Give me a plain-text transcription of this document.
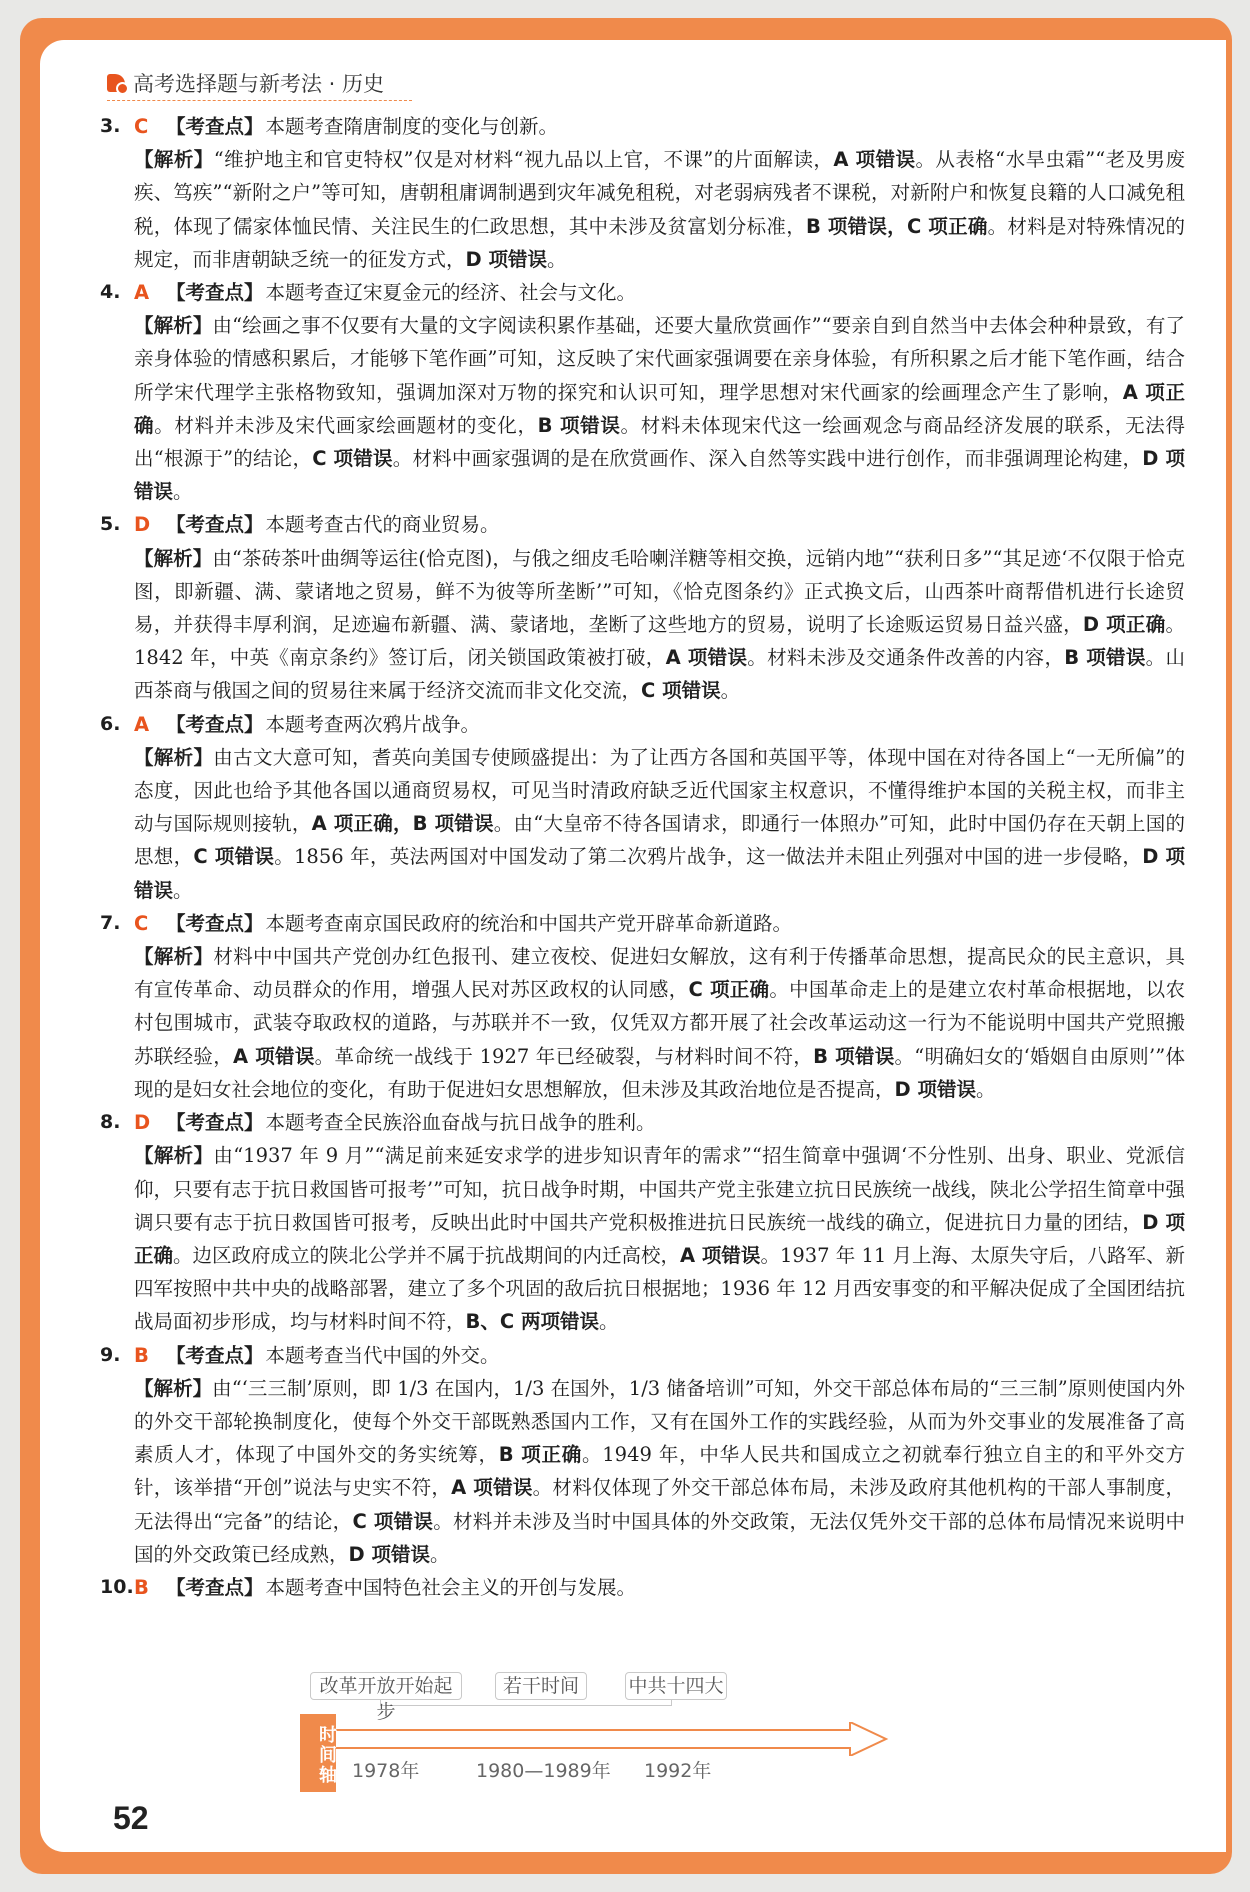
高考选择题与新考法 · 历史
3. C 【考查点】 本题考查隋唐制度的变化与创新。
【解析】“维护地主和官吏特权”仅是对材料“视九品以上官，不课”的片面解读，A 项错误。从表格“水旱虫霜”“老及男废疾、笃疾”“新附之户”等可知，唐朝租庸调制遇到灾年减免租税，对老弱病残者不课税，对新附户和恢复良籍的人口减免租税，体现了儒家体恤民情、关注民生的仁政思想，其中未涉及贫富划分标准，B 项错误，C 项正确。材料是对特殊情况的规定，而非唐朝缺乏统一的征发方式，D 项错误。
4. A 【考查点】 本题考查辽宋夏金元的经济、社会与文化。
【解析】由“绘画之事不仅要有大量的文字阅读积累作基础，还要大量欣赏画作”“要亲自到自然当中去体会种种景致，有了亲身体验的情感积累后，才能够下笔作画”可知，这反映了宋代画家强调要在亲身体验，有所积累之后才能下笔作画，结合所学宋代理学主张格物致知，强调加深对万物的探究和认识可知，理学思想对宋代画家的绘画理念产生了影响，A 项正确。材料并未涉及宋代画家绘画题材的变化，B 项错误。材料未体现宋代这一绘画观念与商品经济发展的联系，无法得出“根源于”的结论，C 项错误。材料中画家强调的是在欣赏画作、深入自然等实践中进行创作，而非强调理论构建，D 项错误。
5. D 【考查点】 本题考查古代的商业贸易。
【解析】由“茶砖茶叶曲绸等运往(恰克图)，与俄之细皮毛哈喇洋糖等相交换，远销内地”“获利日多”“其足迹‘不仅限于恰克图，即新疆、满、蒙诸地之贸易，鲜不为彼等所垄断’”可知，《恰克图条约》正式换文后，山西茶叶商帮借机进行长途贸易，并获得丰厚利润，足迹遍布新疆、满、蒙诸地，垄断了这些地方的贸易，说明了长途贩运贸易日益兴盛，D 项正确。1842 年，中英《南京条约》签订后，闭关锁国政策被打破，A 项错误。材料未涉及交通条件改善的内容，B 项错误。山西茶商与俄国之间的贸易往来属于经济交流而非文化交流，C 项错误。
6. A 【考查点】 本题考查两次鸦片战争。
【解析】由古文大意可知，耆英向美国专使顾盛提出：为了让西方各国和英国平等，体现中国在对待各国上“一无所偏”的态度，因此也给予其他各国以通商贸易权，可见当时清政府缺乏近代国家主权意识，不懂得维护本国的关税主权，而非主动与国际规则接轨，A 项正确，B 项错误。由“大皇帝不待各国请求，即通行一体照办”可知，此时中国仍存在天朝上国的思想，C 项错误。1856 年，英法两国对中国发动了第二次鸦片战争，这一做法并未阻止列强对中国的进一步侵略，D 项错误。
7. C 【考查点】 本题考查南京国民政府的统治和中国共产党开辟革命新道路。
【解析】材料中中国共产党创办红色报刊、建立夜校、促进妇女解放，这有利于传播革命思想，提高民众的民主意识，具有宣传革命、动员群众的作用，增强人民对苏区政权的认同感，C 项正确。中国革命走上的是建立农村革命根据地，以农村包围城市，武装夺取政权的道路，与苏联并不一致，仅凭双方都开展了社会改革运动这一行为不能说明中国共产党照搬苏联经验，A 项错误。革命统一战线于 1927 年已经破裂，与材料时间不符，B 项错误。“明确妇女的‘婚姻自由原则’”体现的是妇女社会地位的变化，有助于促进妇女思想解放，但未涉及其政治地位是否提高，D 项错误。
8. D 【考查点】 本题考查全民族浴血奋战与抗日战争的胜利。
【解析】由“1937 年 9 月”“满足前来延安求学的进步知识青年的需求”“招生简章中强调‘不分性别、出身、职业、党派信仰，只要有志于抗日救国皆可报考’”可知，抗日战争时期，中国共产党主张建立抗日民族统一战线，陕北公学招生简章中强调只要有志于抗日救国皆可报考，反映出此时中国共产党积极推进抗日民族统一战线的确立，促进抗日力量的团结，D 项正确。边区政府成立的陕北公学并不属于抗战期间的内迁高校，A 项错误。1937 年 11 月上海、太原失守后，八路军、新四军按照中共中央的战略部署，建立了多个巩固的敌后抗日根据地；1936 年 12 月西安事变的和平解决促成了全国团结抗战局面初步形成，均与材料时间不符，B、C 两项错误。
9. B 【考查点】 本题考查当代中国的外交。
【解析】由“‘三三制’原则，即 1/3 在国内，1/3 在国外，1/3 储备培训”可知，外交干部总体布局的“三三制”原则使国内外的外交干部轮换制度化，使每个外交干部既熟悉国内工作，又有在国外工作的实践经验，从而为外交事业的发展准备了高素质人才，体现了中国外交的务实统筹，B 项正确。1949 年，中华人民共和国成立之初就奉行独立自主的和平外交方针，该举措“开创”说法与史实不符，A 项错误。材料仅体现了外交干部总体布局，未涉及政府其他机构的干部人事制度，无法得出“完备”的结论，C 项错误。材料并未涉及当时中国具体的外交政策，无法仅凭外交干部的总体布局情况来说明中国的外交政策已经成熟，D 项错误。
10. B 【考查点】 本题考查中国特色社会主义的开创与发展。
改革开放开始起步
若干时间	中共十四大
时间轴 1978年	1980—1989年 1992年
52
